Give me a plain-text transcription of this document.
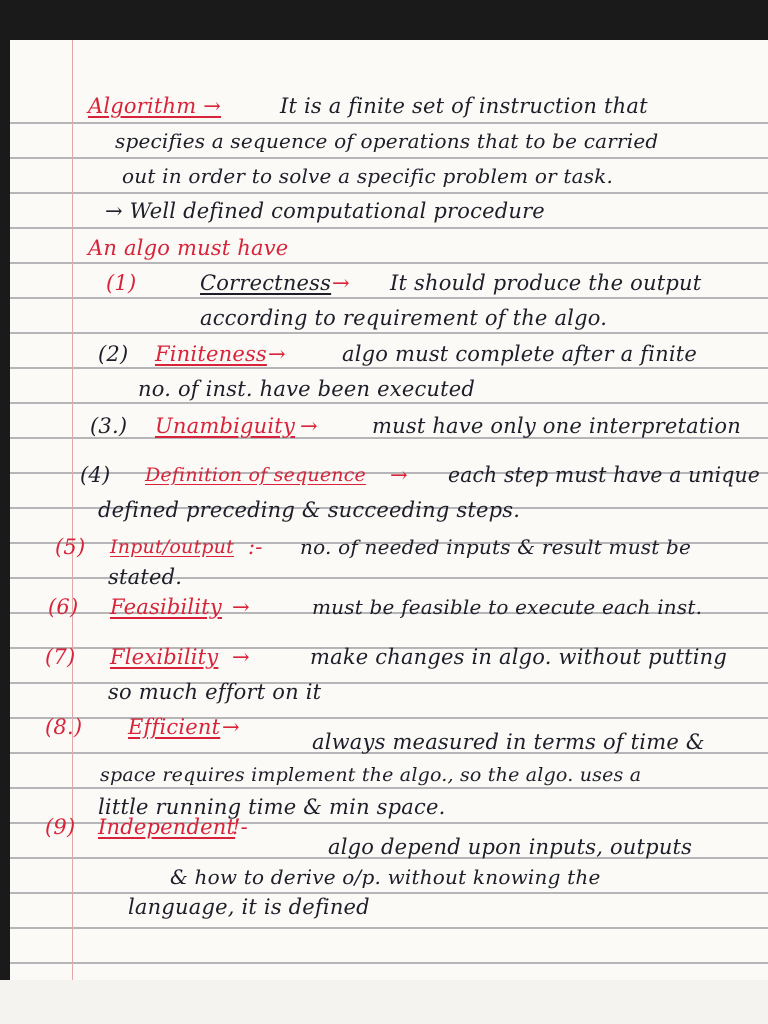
Algorithm →	It is a finite set of instruction that
specifies a sequence of operations that to be carried
out in order to solve a specific problem or task.
→ Well defined computational procedure
An algo must have
(1)	Correctness → It should produce the output
according to requirement of the algo.
(2) Finiteness →	algo must complete after a finite
no. of inst. have been executed
(3.) Unambiguity →	must have only one interpretation
(4) Definition of sequence → each step must have a unique
defined preceding & succeeding steps.
(5) Input/output :- no. of needed inputs & result must be
stated.
(6) Feasibility →	must be feasible to execute each inst.
(7) Flexibility →	make changes in algo. without putting
so much effort on it
(8.) Efficient →
always measured in terms of time &
space requires implement the algo., so the algo. uses a
little running time & min space.
(9) Independent
!-
algo depend upon inputs, outputs
& how to derive o/p. without knowing the
language, it is defined
